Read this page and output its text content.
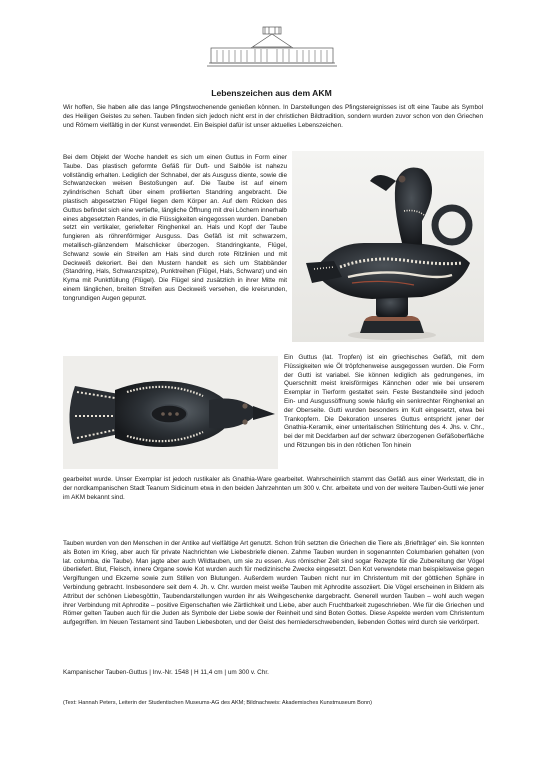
Lebenszeichen aus dem AKM

Wir hoffen, Sie haben alle das lange Pfingstwochenende genießen können. In Darstellungen des Pfingstereignisses ist oft eine Taube als Symbol des Heiligen Geistes zu sehen. Tauben finden sich jedoch nicht erst in der christlichen Bildtradition, sondern wurden zuvor schon von den Griechen und Römern vielfältig in der Kunst verwendet. Ein Beispiel dafür ist unser aktuelles Lebenszeichen.

Bei dem Objekt der Woche handelt es sich um einen Guttus in Form einer Taube. Das plastisch geformte Gefäß für Duft- und Salböle ist nahezu vollständig erhalten. Lediglich der Schnabel, der als Ausguss diente, sowie die Schwanzecken weisen Bestoßungen auf. Die Taube ist auf einem zylindrischen Schaft über einem profilierten Standring angebracht. Die plastisch abgesetzten Flügel liegen dem Körper an. Auf dem Rücken des Guttus befindet sich eine vertiefte, längliche Öffnung mit drei Löchern innerhalb eines abgesetzten Randes, in die Flüssigkeiten eingegossen wurden. Daneben setzt ein vertikaler, geriefelter Ringhenkel an. Hals und Kopf der Taube fungieren als röhrenförmiger Ausguss. Das Gefäß ist mit schwarzem, metallisch-glänzendem Malschlicker überzogen. Standringkante, Flügel, Schwanz sowie ein Streifen am Hals sind durch rote Ritzlinien und mit Deckweiß dekoriert. Bei den Mustern handelt es sich um Stabbänder (Standring, Hals, Schwanzspitze), Punktreihen (Flügel, Hals, Schwanz) und ein Kyma mit Punktfüllung (Flügel). Die Flügel sind zusätzlich in ihrer Mitte mit einem länglichen, breiten Streifen aus Deckweiß versehen, die kreisrunden, tongrundigen Augen gepunzt.

Ein Guttus (lat. Tropfen) ist ein griechisches Gefäß, mit dem Flüssigkeiten wie Öl tröpfchenweise ausgegossen wurden. Die Form der Gutti ist variabel. Sie können lediglich als gedrungenes, im Querschnitt meist kreisförmiges Kännchen oder wie bei unserem Exemplar in Tierform gestaltet sein. Feste Bestandteile sind jedoch Ein- und Ausgussöffnung sowie häufig ein senkrechter Ringhenkel an der Oberseite. Gutti wurden besonders im Kult eingesetzt, etwa bei Trankopfern. Die Dekoration unseres Guttus entspricht jener der Gnathia-Keramik, einer unteritalischen Stilrichtung des 4. Jhs. v. Chr., bei der mit Deckfarben auf der schwarz überzogenen Gefäßoberfläche und Ritzungen bis in den rötlichen Ton hinein

gearbeitet wurde. Unser Exemplar ist jedoch rustikaler als Gnathia-Ware gearbeitet. Wahrscheinlich stammt das Gefäß aus einer Werkstatt, die in der nordkampanischen Stadt Teanum Sidicinum etwa in den beiden Jahrzehnten um 300 v. Chr. arbeitete und von der weitere Tauben-Gutti wie jener im AKM bekannt sind.

Tauben wurden von den Menschen in der Antike auf vielfältige Art genutzt. Schon früh setzten die Griechen die Tiere als ‚Briefträger' ein. Sie konnten als Boten im Krieg, aber auch für private Nachrichten wie Liebesbriefe dienen. Zahme Tauben wurden in sogenannten Columbarien gehalten (von lat. columba, die Taube). Man jagte aber auch Wildtauben, um sie zu essen. Aus römischer Zeit sind sogar Rezepte für die Zubereitung der Vögel überliefert. Blut, Fleisch, innere Organe sowie Kot wurden auch für medizinische Zwecke eingesetzt. Den Kot verwendete man beispielsweise gegen Vergiftungen und Ekzeme sowie zum Stillen von Blutungen. Außerdem wurden Tauben nicht nur im Christentum mit der göttlichen Sphäre in Verbindung gebracht. Insbesondere seit dem 4. Jh. v. Chr. wurden meist weiße Tauben mit Aphrodite assoziiert. Die Vögel erscheinen in Bildern als Attribut der schönen Liebesgöttin, Taubendarstellungen wurden ihr als Weihgeschenke dargebracht. Generell wurden Tauben – wohl auch wegen ihrer Verbindung mit Aphrodite – positive Eigenschaften wie Zärtlichkeit und Liebe, aber auch Fruchtbarkeit zugeschrieben. Wie für die Griechen und Römer gelten Tauben auch für die Juden als Symbole der Liebe sowie der Reinheit und sind Boten Gottes. Diese Aspekte werden vom Christentum aufgegriffen. Im Neuen Testament sind Tauben Liebesboten, und der Geist des herniederschwebenden, liebenden Gottes wird durch sie verkörpert.

Kampanischer Tauben-Guttus | Inv.-Nr. 1548 | H 11,4 cm | um 300 v. Chr.

(Text: Hannah Peters, Leiterin der Studentischen Museums-AG des AKM; Bildnachweis: Akademisches Kunstmuseum Bonn)
